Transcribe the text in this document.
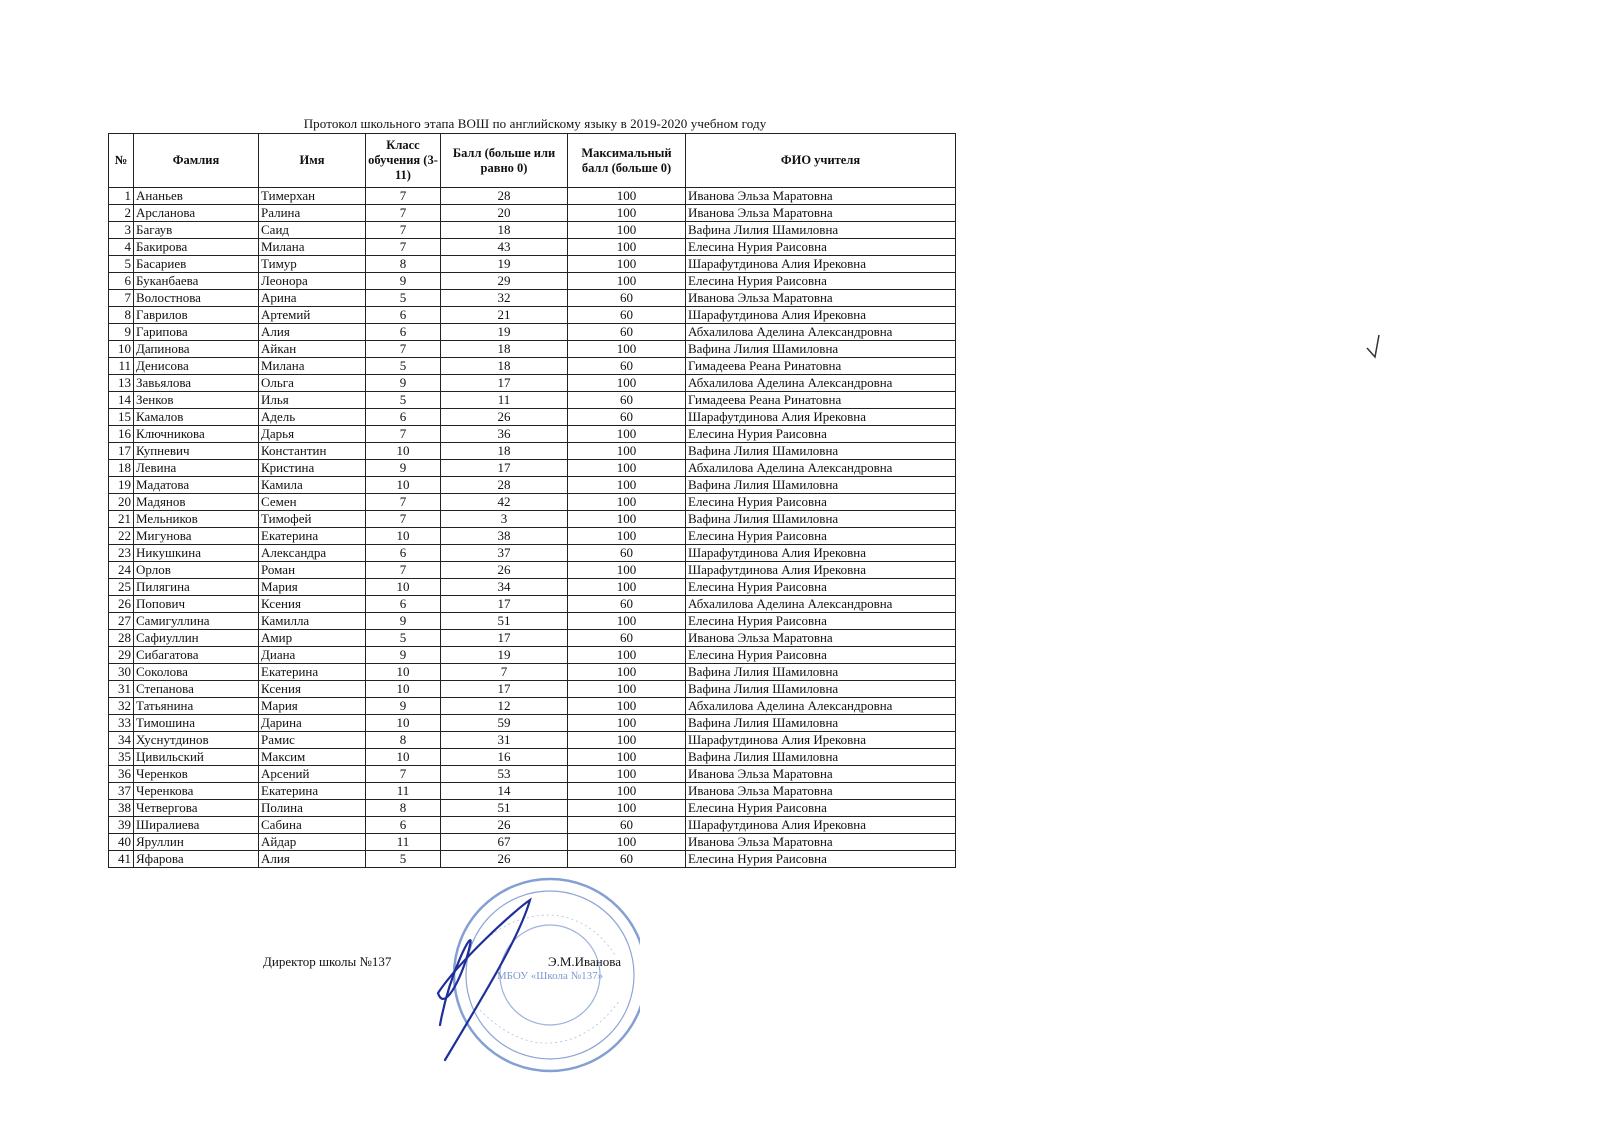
Протокол школьного этапа ВОШ по английскому языку в 2019-2020 учебном году
№	Фамлия	Имя	Класс обучения (3-11)	Балл (больше или равно 0)	Максимальный балл (больше 0)	ФИО учителя
1	Ананьев	Тимерхан	7	28	100	Иванова Эльза Маратовна
2	Арсланова	Ралина	7	20	100	Иванова Эльза Маратовна
3	Багаув	Саид	7	18	100	Вафина Лилия Шамиловна
4	Бакирова	Милана	7	43	100	Елесина Нурия Раисовна
5	Басариев	Тимур	8	19	100	Шарафутдинова Алия Ирековна
6	Буканбаева	Леонора	9	29	100	Елесина Нурия Раисовна
7	Волостнова	Арина	5	32	60	Иванова Эльза Маратовна
8	Гаврилов	Артемий	6	21	60	Шарафутдинова Алия Ирековна
9	Гарипова	Алия	6	19	60	Абхалилова Аделина Александровна
10	Дапинова	Айкан	7	18	100	Вафина Лилия Шамиловна
11	Денисова	Милана	5	18	60	Гимадеева Реана Ринатовна
13	Завьялова	Ольга	9	17	100	Абхалилова Аделина Александровна
14	Зенков	Илья	5	11	60	Гимадеева Реана Ринатовна
15	Камалов	Адель	6	26	60	Шарафутдинова Алия Ирековна
16	Ключникова	Дарья	7	36	100	Елесина Нурия Раисовна
17	Купневич	Константин	10	18	100	Вафина Лилия Шамиловна
18	Левина	Кристина	9	17	100	Абхалилова Аделина Александровна
19	Мадатова	Камила	10	28	100	Вафина Лилия Шамиловна
20	Мадянов	Семен	7	42	100	Елесина Нурия Раисовна
21	Мельников	Тимофей	7	3	100	Вафина Лилия Шамиловна
22	Мигунова	Екатерина	10	38	100	Елесина Нурия Раисовна
23	Никушкина	Александра	6	37	60	Шарафутдинова Алия Ирековна
24	Орлов	Роман	7	26	100	Шарафутдинова Алия Ирековна
25	Пилягина	Мария	10	34	100	Елесина Нурия Раисовна
26	Попович	Ксения	6	17	60	Абхалилова Аделина Александровна
27	Самигуллина	Камилла	9	51	100	Елесина Нурия Раисовна
28	Сафиуллин	Амир	5	17	60	Иванова Эльза Маратовна
29	Сибагатова	Диана	9	19	100	Елесина Нурия Раисовна
30	Соколова	Екатерина	10	7	100	Вафина Лилия Шамиловна
31	Степанова	Ксения	10	17	100	Вафина Лилия Шамиловна
32	Татьянина	Мария	9	12	100	Абхалилова Аделина Александровна
33	Тимошина	Дарина	10	59	100	Вафина Лилия Шамиловна
34	Хуснутдинов	Рамис	8	31	100	Шарафутдинова Алия Ирековна
35	Цивильский	Максим	10	16	100	Вафина Лилия Шамиловна
36	Черенков	Арсений	7	53	100	Иванова Эльза Маратовна
37	Черенкова	Екатерина	11	14	100	Иванова Эльза Маратовна
38	Четвергова	Полина	8	51	100	Елесина Нурия Раисовна
39	Ширалиева	Сабина	6	26	60	Шарафутдинова Алия Ирековна
40	Яруллин	Айдар	11	67	100	Иванова Эльза Маратовна
41	Яфарова	Алия	5	26	60	Елесина Нурия Раисовна
Директор школы №137	Э.М.Иванова
МБОУ «Школа №137»
